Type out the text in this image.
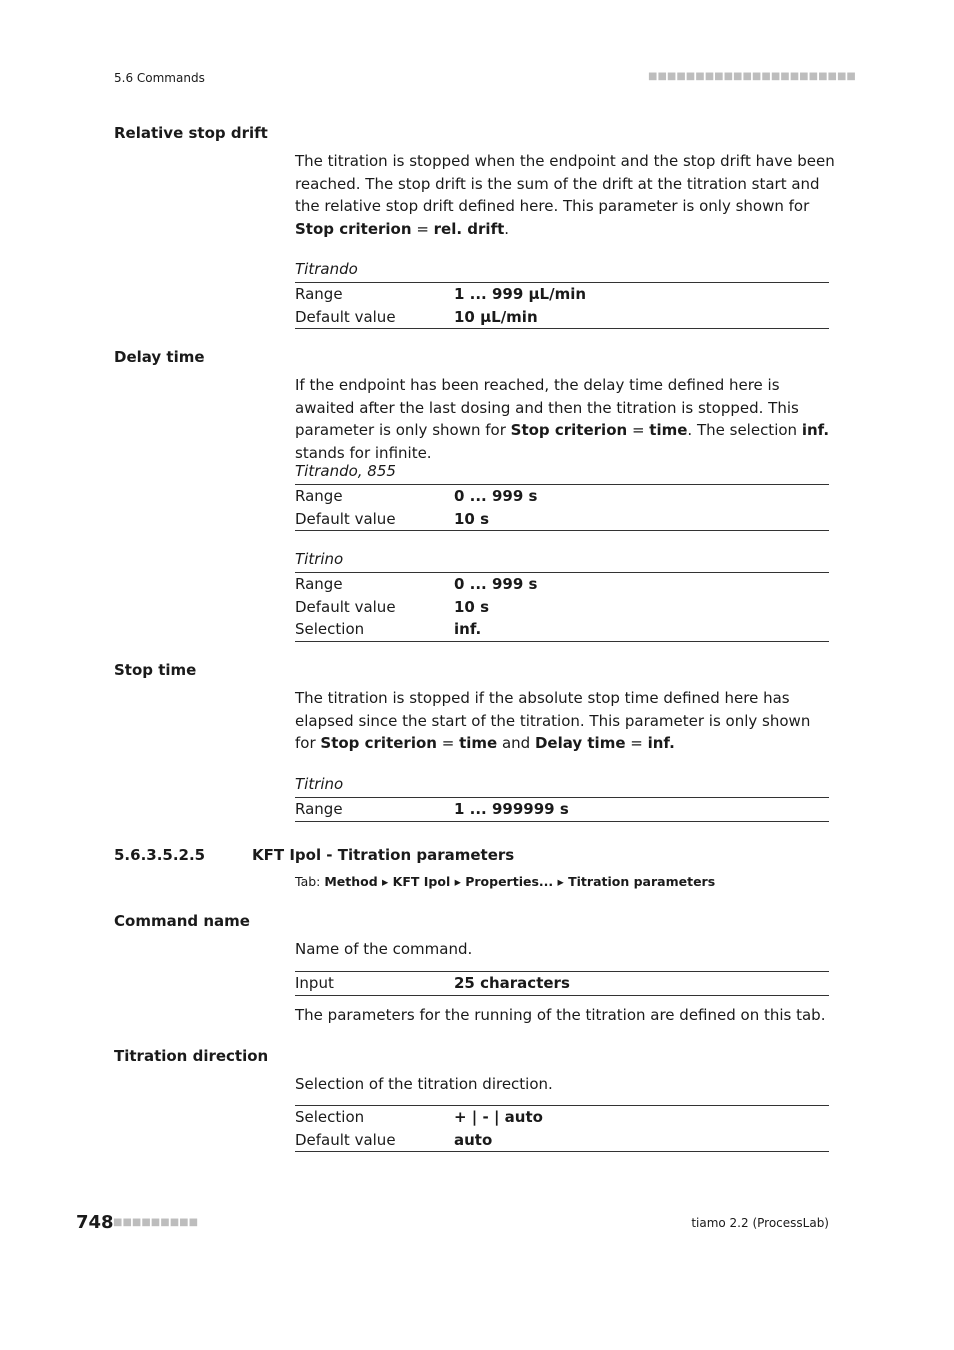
5.6 Commands	■■■■■■■■■■■■■■■■■■■■■■
Relative stop drift
The titration is stopped when the endpoint and the stop drift have been reached. The stop drift is the sum of the drift at the titration start and the relative stop drift defined here. This parameter is only shown for Stop criterion = rel. drift.
Titrando
Range	1 ... 999 µL/min
Default value	10 µL/min
Delay time
If the endpoint has been reached, the delay time defined here is awaited after the last dosing and then the titration is stopped. This parameter is only shown for Stop criterion = time. The selection inf. stands for infinite.
Titrando, 855
Range	0 ... 999 s
Default value	10 s
Titrino
Range	0 ... 999 s
Default value	10 s
Selection	inf.
Stop time
The titration is stopped if the absolute stop time defined here has elapsed since the start of the titration. This parameter is only shown for Stop criterion = time and Delay time = inf.
Titrino
Range	1 ... 999999 s
5.6.3.5.2.5	KFT Ipol - Titration parameters
Tab: Method ▸ KFT Ipol ▸ Properties... ▸ Titration parameters
Command name
Name of the command.
Input	25 characters
The parameters for the running of the titration are defined on this tab.
Titration direction
Selection of the titration direction.
Selection	+ | - | auto
Default value	auto
748 ■■■■■■■■■	tiamo 2.2 (ProcessLab)
